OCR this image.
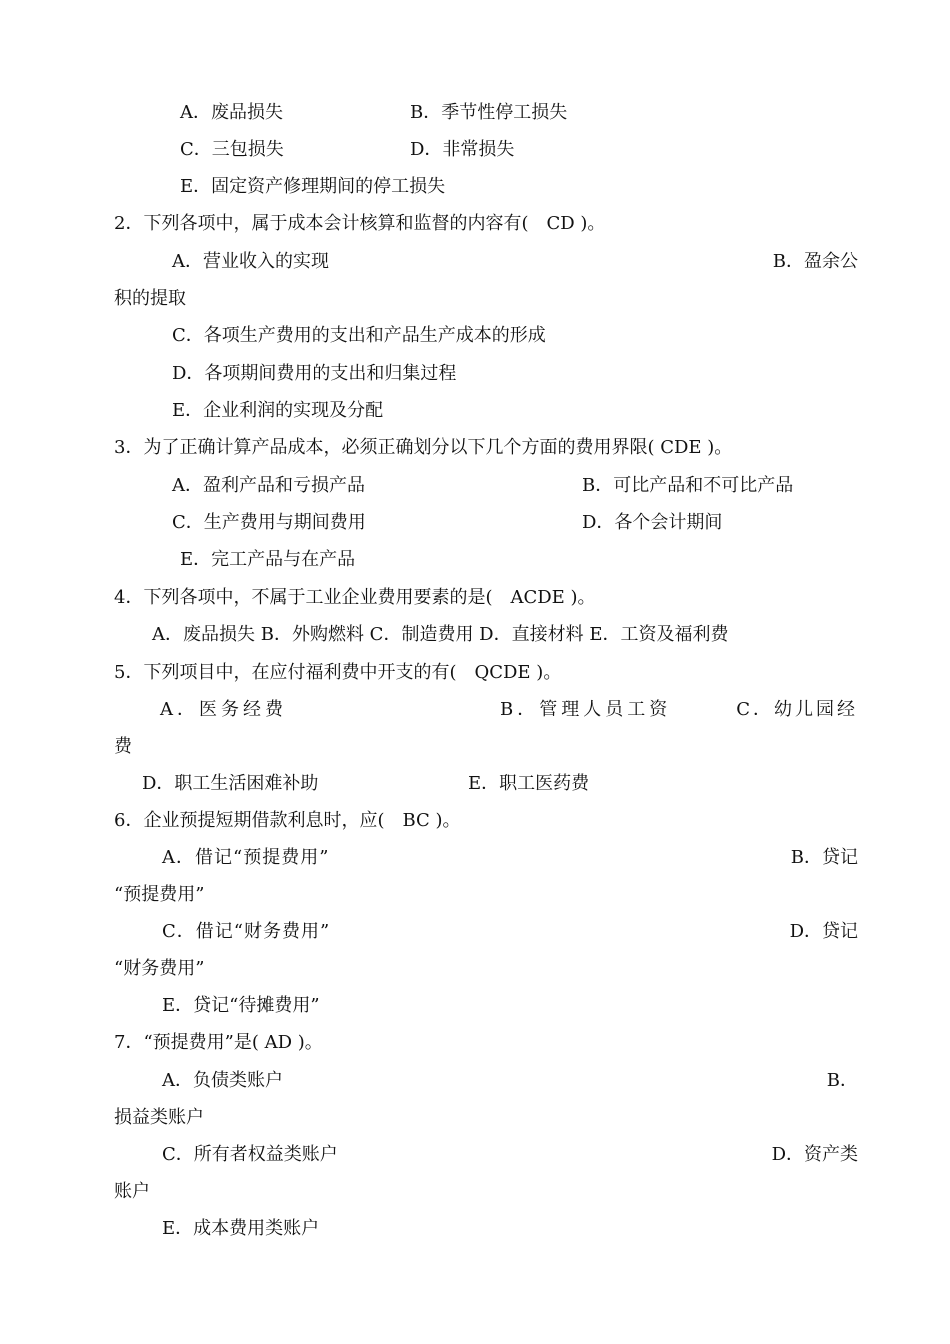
A．废品损失	B．季节性停工损失
C．三包损失	D．非常损失
E．固定资产修理期间的停工损失
2．下列各项中，属于成本会计核算和监督的内容有(　CD )。
A．营业收入的实现	B．盈余公
积的提取
C．各项生产费用的支出和产品生产成本的形成
D．各项期间费用的支出和归集过程
E．企业利润的实现及分配
3．为了正确计算产品成本，必须正确划分以下几个方面的费用界限( CDE )。
A．盈利产品和亏损产品	B．可比产品和不可比产品
C．生产费用与期间费用	D．各个会计期间
E．完工产品与在产品
4．下列各项中，不属于工业企业费用要素的是(　ACDE )。
A．废品损失 B．外购燃料 C．制造费用 D．直接材料 E．工资及福利费
5．下列项目中，在应付福利费中开支的有(　QCDE )。
A．医务经费	B．管理人员工资	C．幼儿园经
费
D．职工生活困难补助	E．职工医药费
6．企业预提短期借款利息时，应(　BC )。
A．借记“预提费用”	B．贷记
“预提费用”
C．借记“财务费用”	D．贷记
“财务费用”
E．贷记“待摊费用”
7．“预提费用”是( AD )。
A．负债类账户	B．
损益类账户
C．所有者权益类账户	D．资产类
账户
E．成本费用类账户
